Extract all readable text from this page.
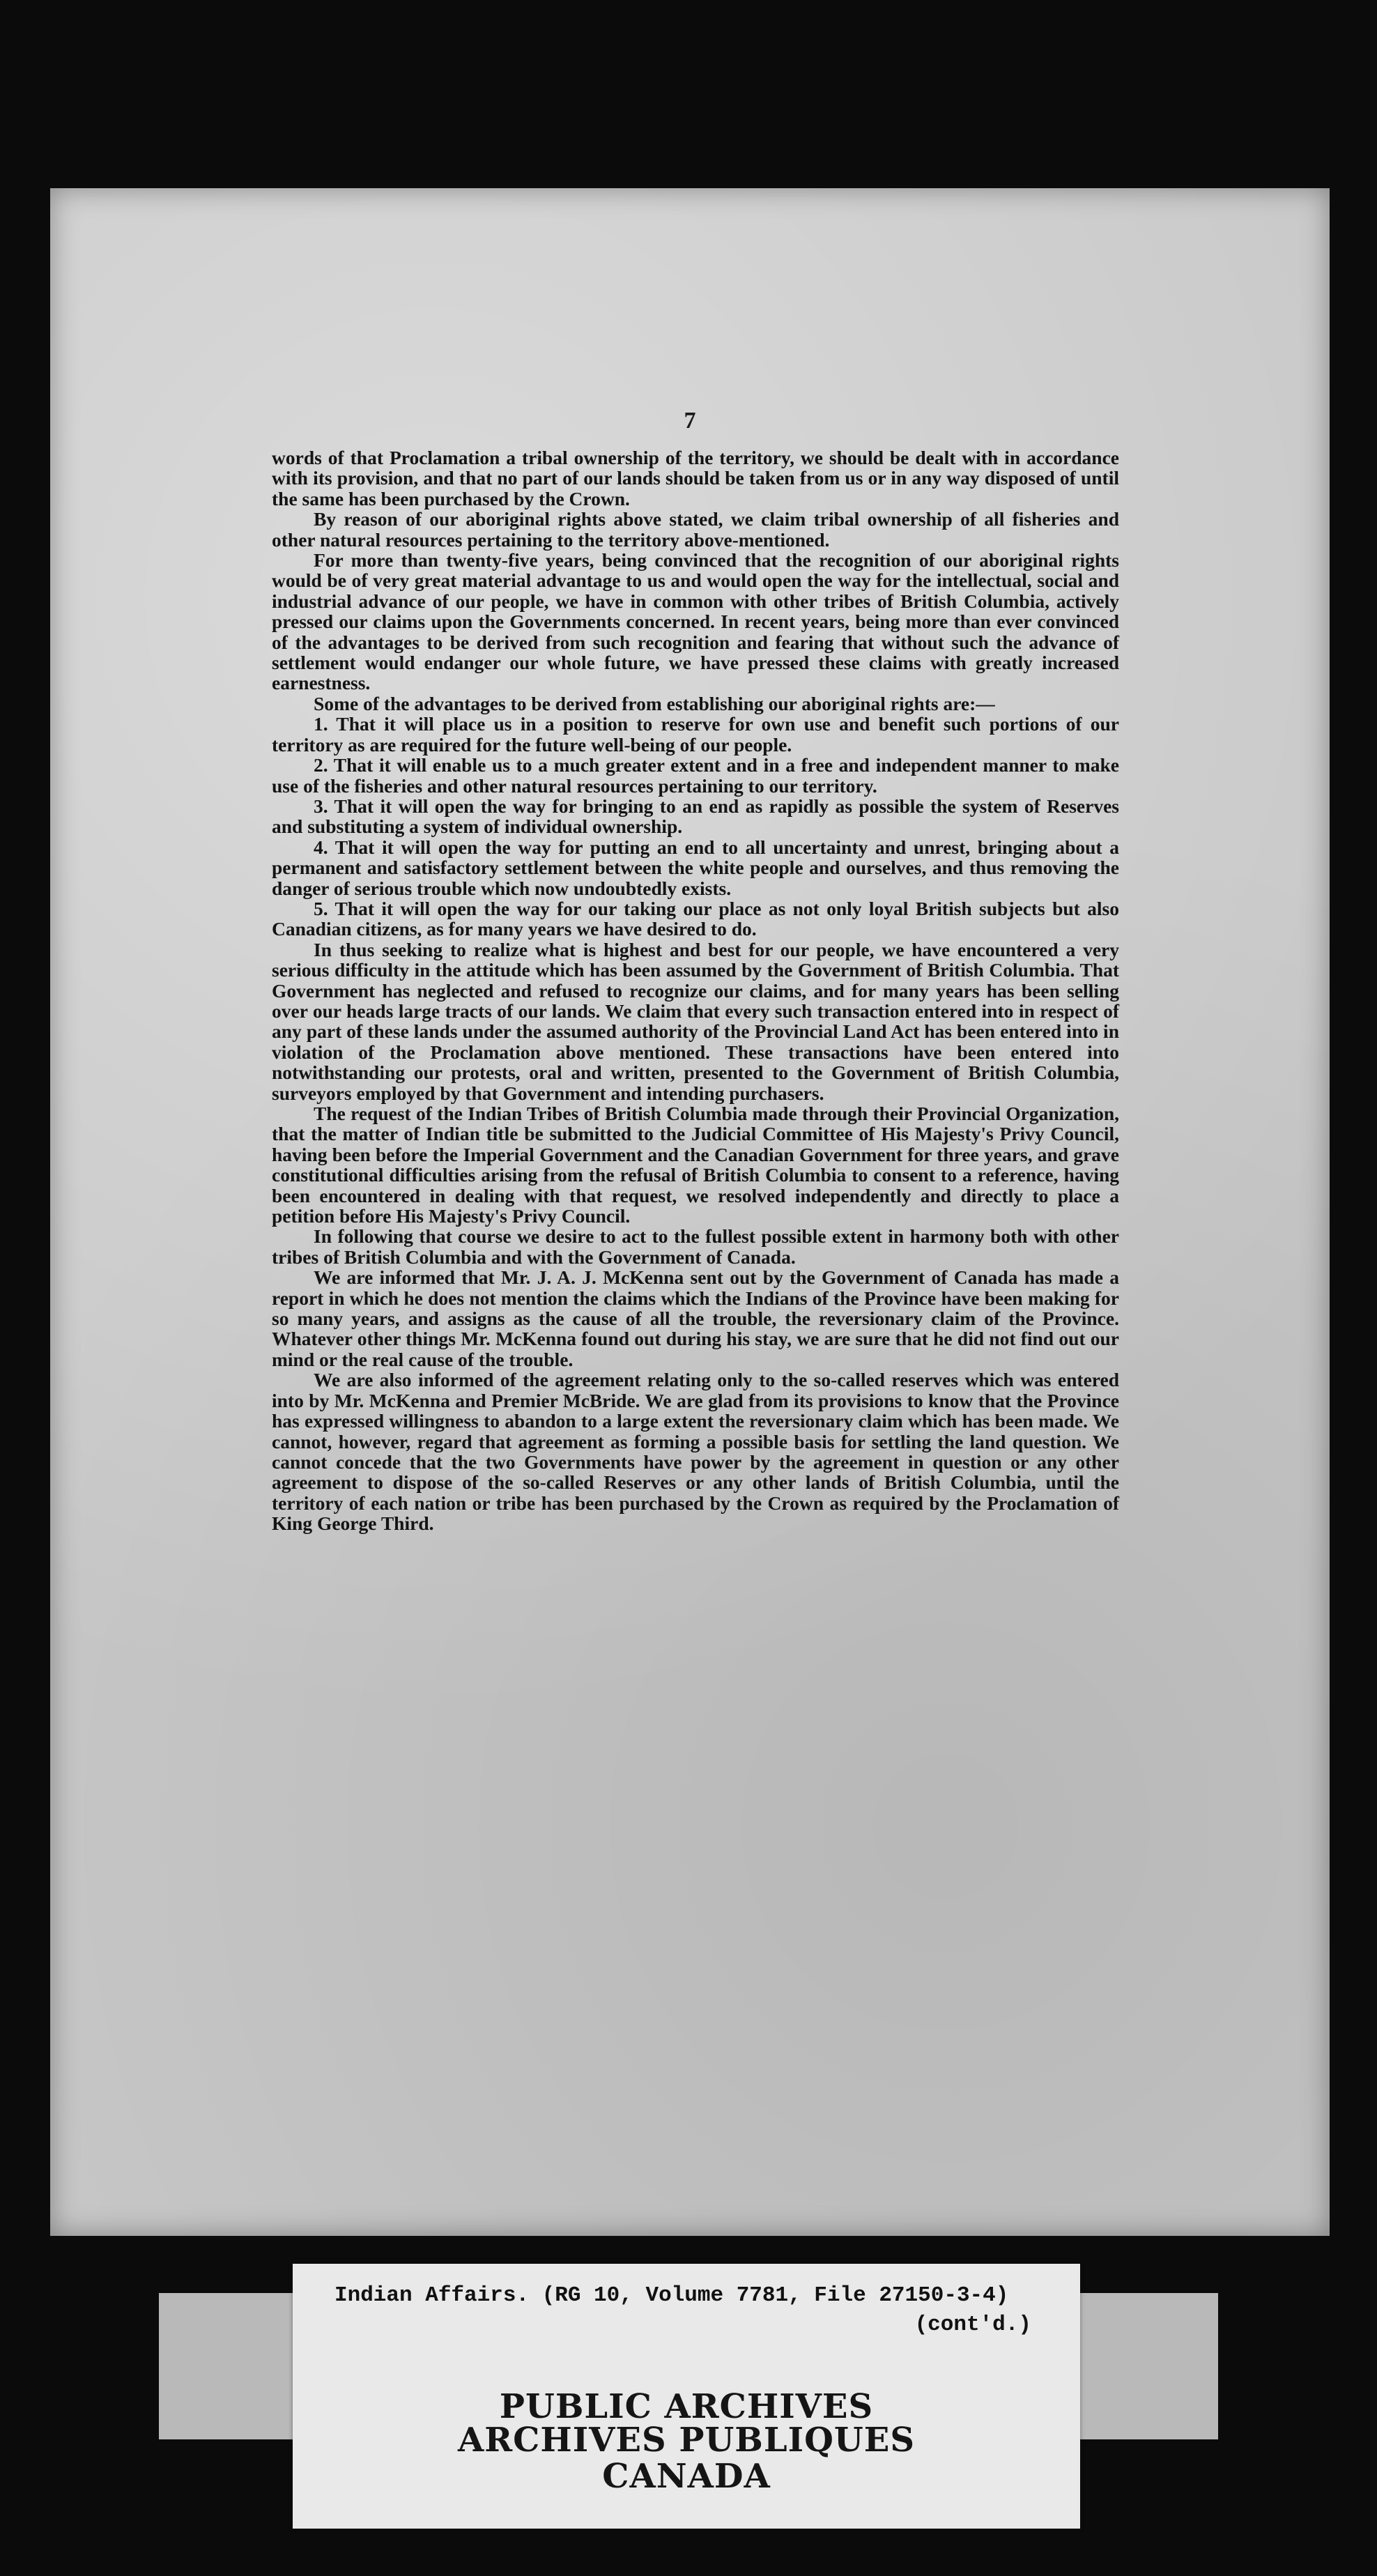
7

words of that Proclamation a tribal ownership of the territory, we should be dealt with in accordance with its provision, and that no part of our lands should be taken from us or in any way disposed of until the same has been purchased by the Crown.

By reason of our aboriginal rights above stated, we claim tribal ownership of all fisheries and other natural resources pertaining to the territory above-mentioned.

For more than twenty-five years, being convinced that the recognition of our aboriginal rights would be of very great material advantage to us and would open the way for the intellectual, social and industrial advance of our people, we have in common with other tribes of British Columbia, actively pressed our claims upon the Governments concerned. In recent years, being more than ever convinced of the advantages to be derived from such recognition and fearing that without such the advance of settlement would endanger our whole future, we have pressed these claims with greatly increased earnestness.

Some of the advantages to be derived from establishing our aboriginal rights are:—

1. That it will place us in a position to reserve for own use and benefit such portions of our territory as are required for the future well-being of our people.

2. That it will enable us to a much greater extent and in a free and independent manner to make use of the fisheries and other natural resources pertaining to our territory.

3. That it will open the way for bringing to an end as rapidly as possible the system of Reserves and substituting a system of individual ownership.

4. That it will open the way for putting an end to all uncertainty and unrest, bringing about a permanent and satisfactory settlement between the white people and ourselves, and thus removing the danger of serious trouble which now undoubtedly exists.

5. That it will open the way for our taking our place as not only loyal British subjects but also Canadian citizens, as for many years we have desired to do.

In thus seeking to realize what is highest and best for our people, we have encountered a very serious difficulty in the attitude which has been assumed by the Government of British Columbia. That Government has neglected and refused to recognize our claims, and for many years has been selling over our heads large tracts of our lands. We claim that every such transaction entered into in respect of any part of these lands under the assumed authority of the Provincial Land Act has been entered into in violation of the Proclamation above mentioned. These transactions have been entered into notwithstanding our protests, oral and written, presented to the Government of British Columbia, surveyors employed by that Government and intending purchasers.

The request of the Indian Tribes of British Columbia made through their Provincial Organization, that the matter of Indian title be submitted to the Judicial Committee of His Majesty's Privy Council, having been before the Imperial Government and the Canadian Government for three years, and grave constitutional difficulties arising from the refusal of British Columbia to consent to a reference, having been encountered in dealing with that request, we resolved independently and directly to place a petition before His Majesty's Privy Council.

In following that course we desire to act to the fullest possible extent in harmony both with other tribes of British Columbia and with the Government of Canada.

We are informed that Mr. J. A. J. McKenna sent out by the Government of Canada has made a report in which he does not mention the claims which the Indians of the Province have been making for so many years, and assigns as the cause of all the trouble, the reversionary claim of the Province. Whatever other things Mr. McKenna found out during his stay, we are sure that he did not find out our mind or the real cause of the trouble.

We are also informed of the agreement relating only to the so-called reserves which was entered into by Mr. McKenna and Premier McBride. We are glad from its provisions to know that the Province has expressed willingness to abandon to a large extent the reversionary claim which has been made. We cannot, however, regard that agreement as forming a possible basis for settling the land question. We cannot concede that the two Governments have power by the agreement in question or any other agreement to dispose of the so-called Reserves or any other lands of British Columbia, until the territory of each nation or tribe has been purchased by the Crown as required by the Proclamation of King George Third.

Indian Affairs. (RG 10, Volume 7781, File 27150-3-4)
(cont'd.)
PUBLIC ARCHIVES
ARCHIVES PUBLIQUES
CANADA
